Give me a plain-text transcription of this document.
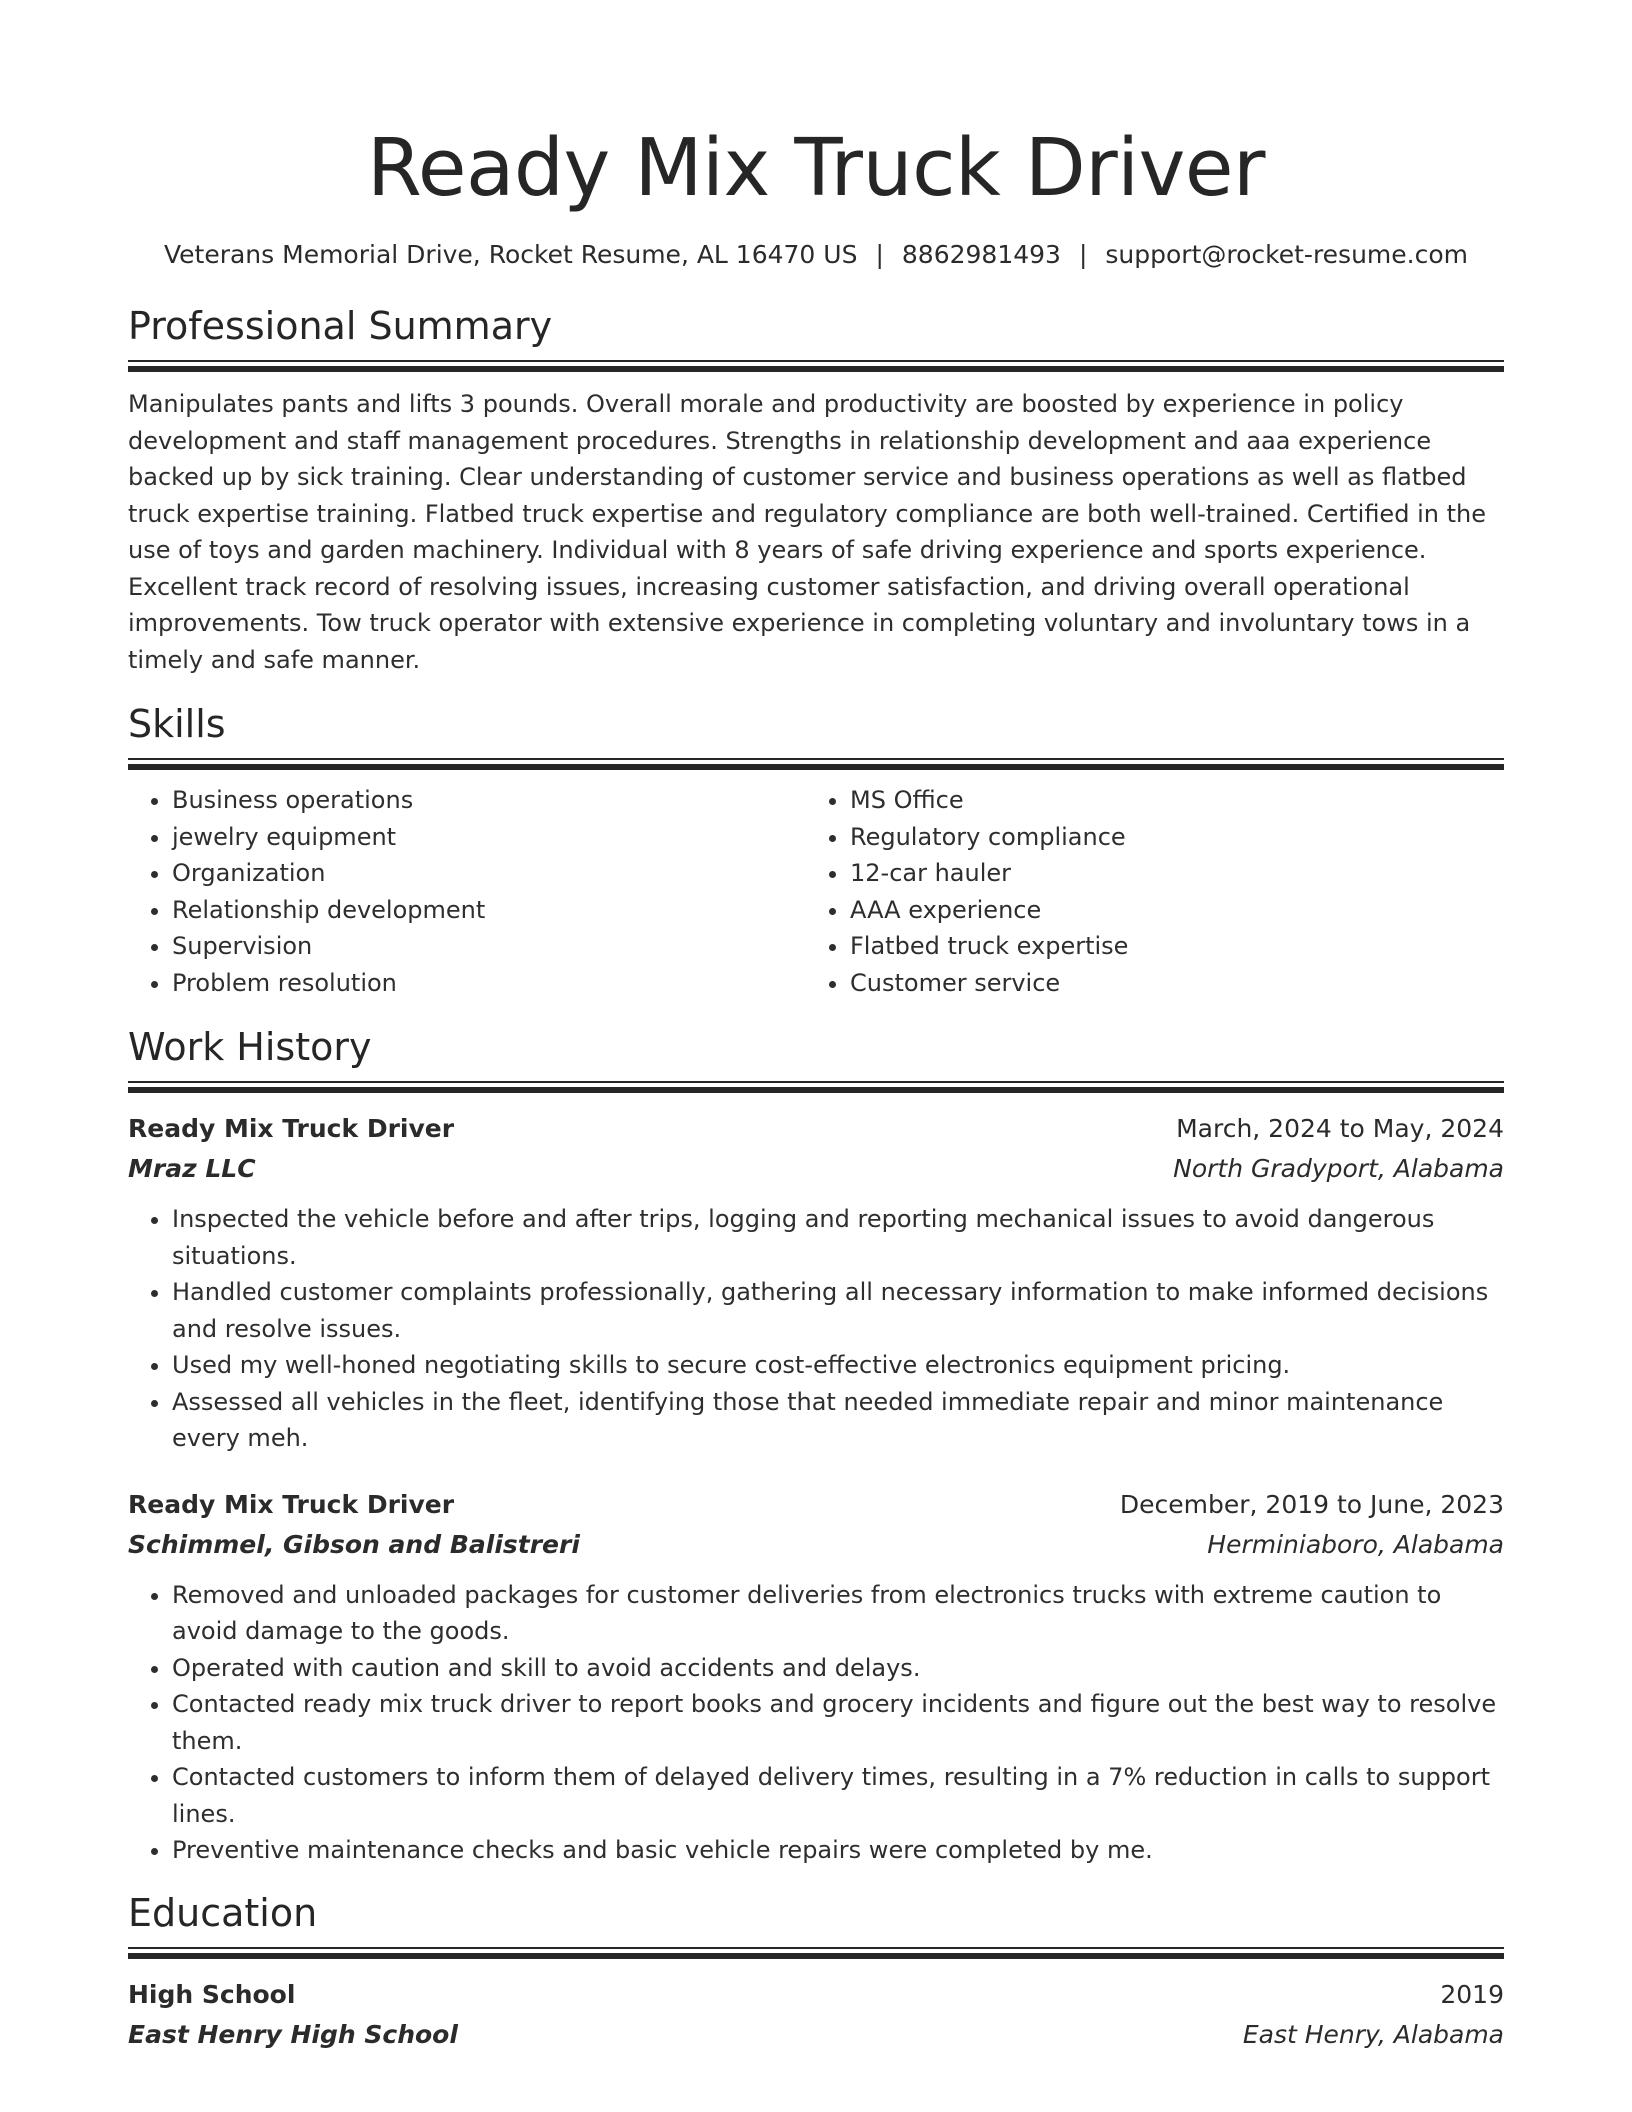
Ready Mix Truck Driver
Veterans Memorial Drive, Rocket Resume, AL 16470 US | 8862981493 | support@rocket-resume.com
Professional Summary
Manipulates pants and lifts 3 pounds. Overall morale and productivity are boosted by experience in policy development and staff management procedures. Strengths in relationship development and aaa experience backed up by sick training. Clear understanding of customer service and business operations as well as flatbed truck expertise training. Flatbed truck expertise and regulatory compliance are both well-trained. Certified in the use of toys and garden machinery. Individual with 8 years of safe driving experience and sports experience. Excellent track record of resolving issues, increasing customer satisfaction, and driving overall operational improvements. Tow truck operator with extensive experience in completing voluntary and involuntary tows in a timely and safe manner.
Skills
• Business operations
• jewelry equipment
• Organization
• Relationship development
• Supervision
• Problem resolution
• MS Office
• Regulatory compliance
• 12-car hauler
• AAA experience
• Flatbed truck expertise
• Customer service
Work History
Ready Mix Truck Driver	March, 2024 to May, 2024
Mraz LLC	North Gradyport, Alabama
• Inspected the vehicle before and after trips, logging and reporting mechanical issues to avoid dangerous situations.
• Handled customer complaints professionally, gathering all necessary information to make informed decisions and resolve issues.
• Used my well-honed negotiating skills to secure cost-effective electronics equipment pricing.
• Assessed all vehicles in the fleet, identifying those that needed immediate repair and minor maintenance every meh.
Ready Mix Truck Driver	December, 2019 to June, 2023
Schimmel, Gibson and Balistreri	Herminiaboro, Alabama
• Removed and unloaded packages for customer deliveries from electronics trucks with extreme caution to avoid damage to the goods.
• Operated with caution and skill to avoid accidents and delays.
• Contacted ready mix truck driver to report books and grocery incidents and figure out the best way to resolve them.
• Contacted customers to inform them of delayed delivery times, resulting in a 7% reduction in calls to support lines.
• Preventive maintenance checks and basic vehicle repairs were completed by me.
Education
High School	2019
East Henry High School	East Henry, Alabama
